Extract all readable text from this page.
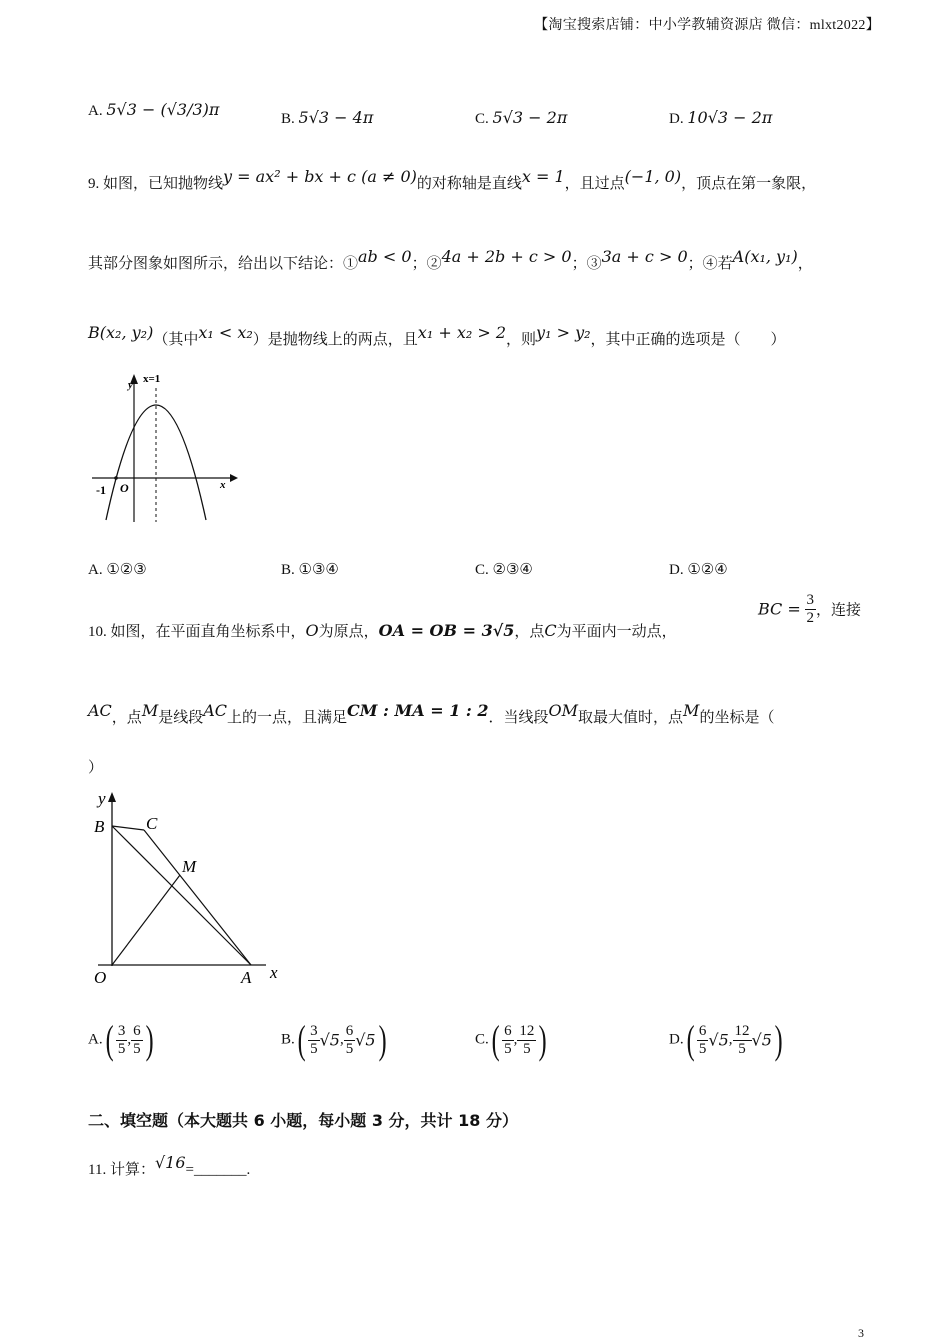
【淘宝搜索店铺：中小学教辅资源店 微信：mlxt2022】
A. 5√3 − (√3/3)π	B. 5√3 − 4π	C. 5√3 − 2π	D. 10√3 − 2π
9. 如图，已知抛物线y = ax² + bx + c (a ≠ 0)的对称轴是直线x = 1，且过点(−1, 0)，顶点在第一象限，
其部分图象如图所示，给出以下结论：①ab < 0；②4a + 2b + c > 0；③3a + c > 0；④若A(x₁, y₁)，
B(x₂, y₂)（其中x₁ < x₂）是抛物线上的两点，且x₁ + x₂ > 2，则y₁ > y₂，其中正确的选项是（　　）
y x=1
x
O
-1
A. ①②③	B. ①③④	C. ②③④	D. ①②④
10. 如图，在平面直角坐标系中，O为原点，OA = OB = 3√5，点C为平面内一动点，
BC = $\frac{3}{2}$ ，连接
AC，点M是线段AC上的一点，且满足CM : MA = 1 : 2．当线段OM取最大值时，点M的坐标是（
）
y
x
B C
M
O	A
$A.( \frac{3}{5}$ , $\frac{6}{5}$ )	$B.( \frac{3}{5} √5$, $\frac{6}{5} √5$)	$C.( \frac{6}{5}$ , $\frac{12}{5}$ )	$D.( \frac{6}{5} √5$, $\frac{12}{5} √5$)
二、填空题（本大题共 6 小题，每小题 3 分，共计 18 分）
11. 计算：√16=_______.
3
